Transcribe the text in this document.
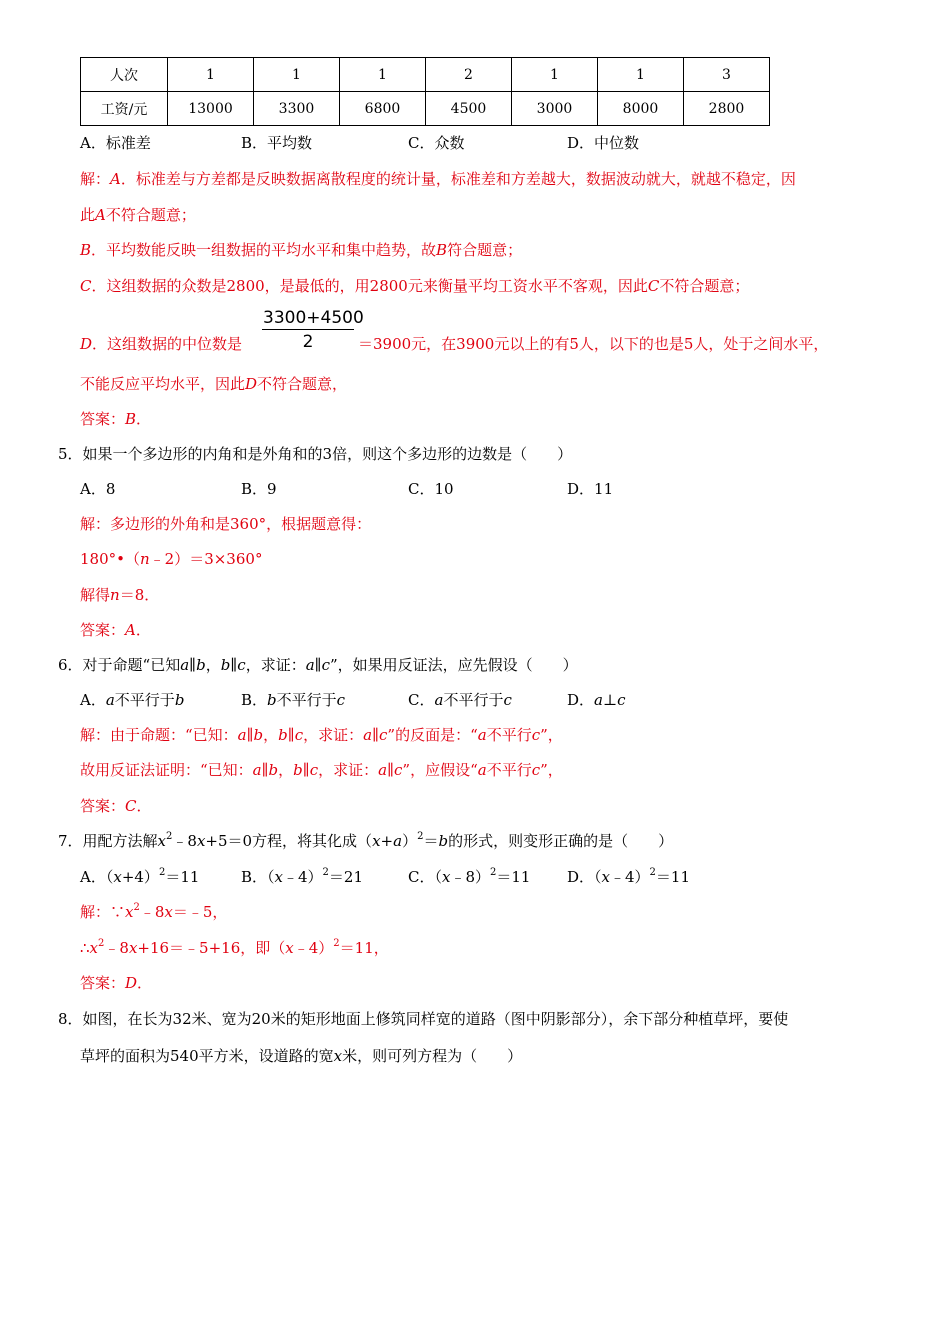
人次	1	1	1	2	1	1	3
工资/元	13000	3300	6800	4500	3000	8000	2800
A．标准差	B．平均数	C．众数	D．中位数
解：A．标准差与方差都是反映数据离散程度的统计量，标准差和方差越大，数据波动就大，就越不稳定，因
此A不符合题意；
B．平均数能反映一组数据的平均水平和集中趋势，故B符合题意；
C．这组数据的众数是2800，是最低的，用2800元来衡量平均工资水平不客观，因此C不符合题意；
D．这组数据的中位数是 $\frac{3300+4500}{2} =3900$元，在3900元以上的有5人，以下的也是5人，处于之间水平，
不能反应平均水平，因此D不符合题意，
答案：B．
5．如果一个多边形的内角和是外角和的3倍，则这个多边形的边数是（　　）
A．8	B．9	C．10	D．11
解：多边形的外角和是360°，根据题意得：
180°•（n﹣2）＝3×360°
解得n＝8．
答案：A．
6．对于命题“已知a∥b，b∥c，求证：a∥c”，如果用反证法，应先假设（　　）
A．a不平行于b	B．b不平行于c	C．a不平行于c	D．a⊥c
解：由于命题：“已知：a∥b，b∥c，求证：a∥c”的反面是：“a不平行c”，
故用反证法证明：“已知：a∥b，b∥c，求证：a∥c”，应假设“a不平行c”，
答案：C．
7．用配方法解$x^2﹣8x+5=0$方程，将其化成$(x+a)^2=b$的形式，则变形正确的是（　　）
A．$(x+4)^2=11$	B．（x﹣4）$^2$＝21	C．（x﹣8）$^2$＝11 D．（x﹣4）$^2$＝11
解：$\because x^2﹣8x=﹣5$，
$\therefore x^2﹣8x+16=﹣5+16$，即（x﹣4）$^2$＝11，
答案：D．
8．如图，在长为32米、宽为20米的矩形地面上修筑同样宽的道路（图中阴影部分），余下部分种植草坪，要使
草坪的面积为540平方米，设道路的宽x米，则可列方程为（　　）
